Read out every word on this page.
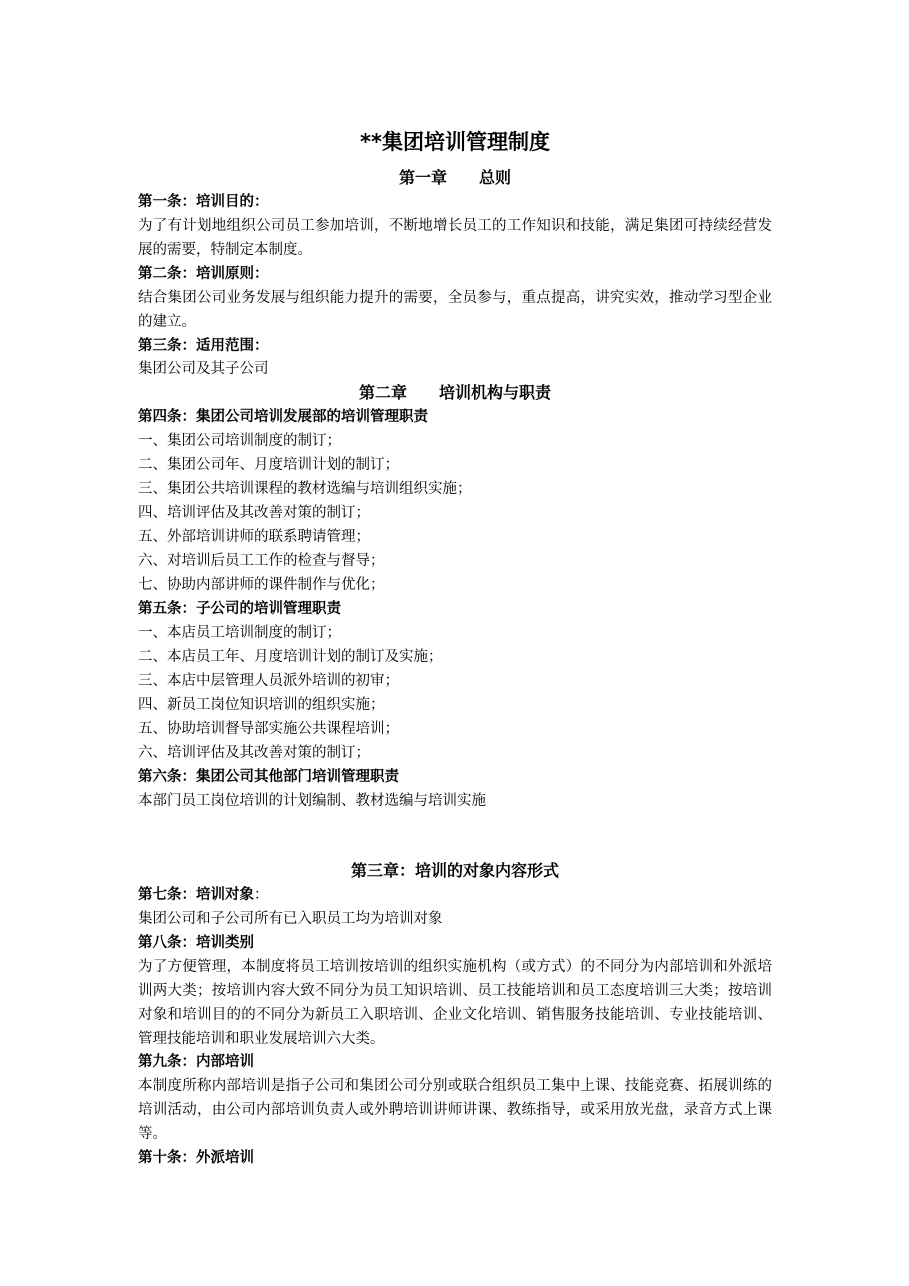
**集团培训管理制度
第一章　　总则
第一条：培训目的：
为了有计划地组织公司员工参加培训，不断地增长员工的工作知识和技能，满足集团可持续经营发展的需要，特制定本制度。
第二条：培训原则：
结合集团公司业务发展与组织能力提升的需要，全员参与，重点提高，讲究实效，推动学习型企业的建立。
第三条：适用范围：
集团公司及其子公司
第二章　　培训机构与职责
第四条：集团公司培训发展部的培训管理职责
一、集团公司培训制度的制订；
二、集团公司年、月度培训计划的制订；
三、集团公共培训课程的教材选编与培训组织实施；
四、培训评估及其改善对策的制订；
五、外部培训讲师的联系聘请管理；
六、对培训后员工工作的检查与督导；
七、协助内部讲师的课件制作与优化；
第五条：子公司的培训管理职责
一、本店员工培训制度的制订；
二、本店员工年、月度培训计划的制订及实施；
三、本店中层管理人员派外培训的初审；
四、新员工岗位知识培训的组织实施；
五、协助培训督导部实施公共课程培训；
六、培训评估及其改善对策的制订；
第六条：集团公司其他部门培训管理职责
本部门员工岗位培训的计划编制、教材选编与培训实施
第三章：培训的对象内容形式
第七条：培训对象：
集团公司和子公司所有已入职员工均为培训对象
第八条：培训类别
为了方便管理，本制度将员工培训按培训的组织实施机构（或方式）的不同分为内部培训和外派培训两大类；按培训内容大致不同分为员工知识培训、员工技能培训和员工态度培训三大类；按培训对象和培训目的的不同分为新员工入职培训、企业文化培训、销售服务技能培训、专业技能培训、管理技能培训和职业发展培训六大类。
第九条：内部培训
本制度所称内部培训是指子公司和集团公司分别或联合组织员工集中上课、技能竞赛、拓展训练的培训活动，由公司内部培训负责人或外聘培训讲师讲课、教练指导，或采用放光盘，录音方式上课等。
第十条：外派培训
